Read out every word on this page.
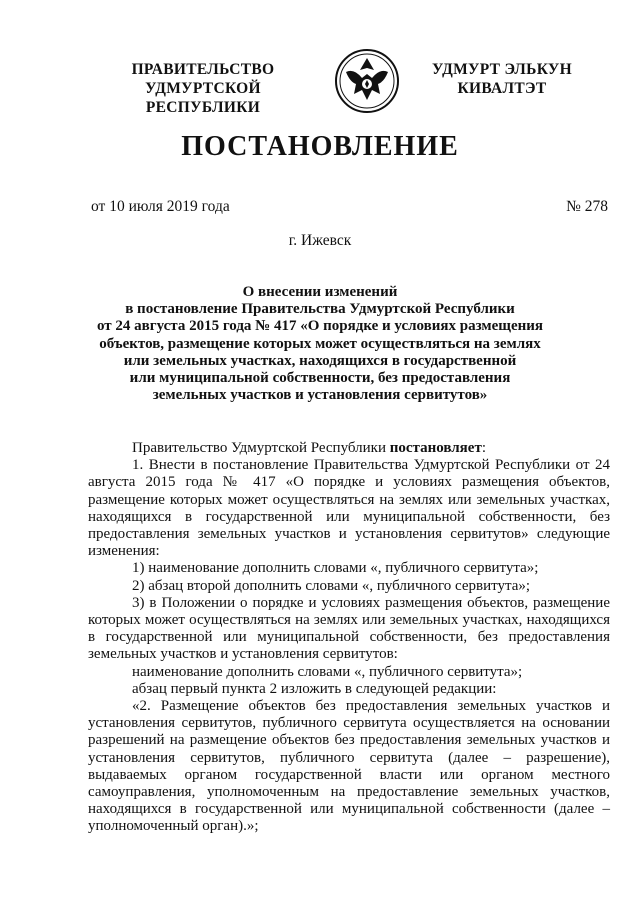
ПРАВИТЕЛЬСТВО
УДМУРТСКОЙ РЕСПУБЛИКИ
УДМУРТ ЭЛЬКУН
КИВАЛТЭТ
ПОСТАНОВЛЕНИЕ
от 10 июля 2019 года	№ 278
г. Ижевск
О внесении изменений
в постановление Правительства Удмуртской Республики
от 24 августа 2015 года № 417 «О порядке и условиях размещения
объектов, размещение которых может осуществляться на землях
или земельных участках, находящихся в государственной
или муниципальной собственности, без предоставления
земельных участков и установления сервитутов»
Правительство Удмуртской Республики постановляет:
1. Внести в постановление Правительства Удмуртской Республики от 24 августа 2015 года № 417 «О порядке и условиях размещения объектов, размещение которых может осуществляться на землях или земельных участках, находящихся в государственной или муниципальной собственности, без предоставления земельных участков и установления сервитутов» следующие изменения:
1) наименование дополнить словами «, публичного сервитута»;
2) абзац второй дополнить словами «, публичного сервитута»;
3) в Положении о порядке и условиях размещения объектов, размещение которых может осуществляться на землях или земельных участках, находящихся в государственной или муниципальной собственности, без предоставления земельных участков и установления сервитутов:
наименование дополнить словами «, публичного сервитута»;
абзац первый пункта 2 изложить в следующей редакции:
«2. Размещение объектов без предоставления земельных участков и установления сервитутов, публичного сервитута осуществляется на основании разрешений на размещение объектов без предоставления земельных участков и установления сервитутов, публичного сервитута (далее – разрешение), выдаваемых органом государственной власти или органом местного самоуправления, уполномоченным на предоставление земельных участков, находящихся в государственной или муниципальной собственности (далее – уполномоченный орган).»;
